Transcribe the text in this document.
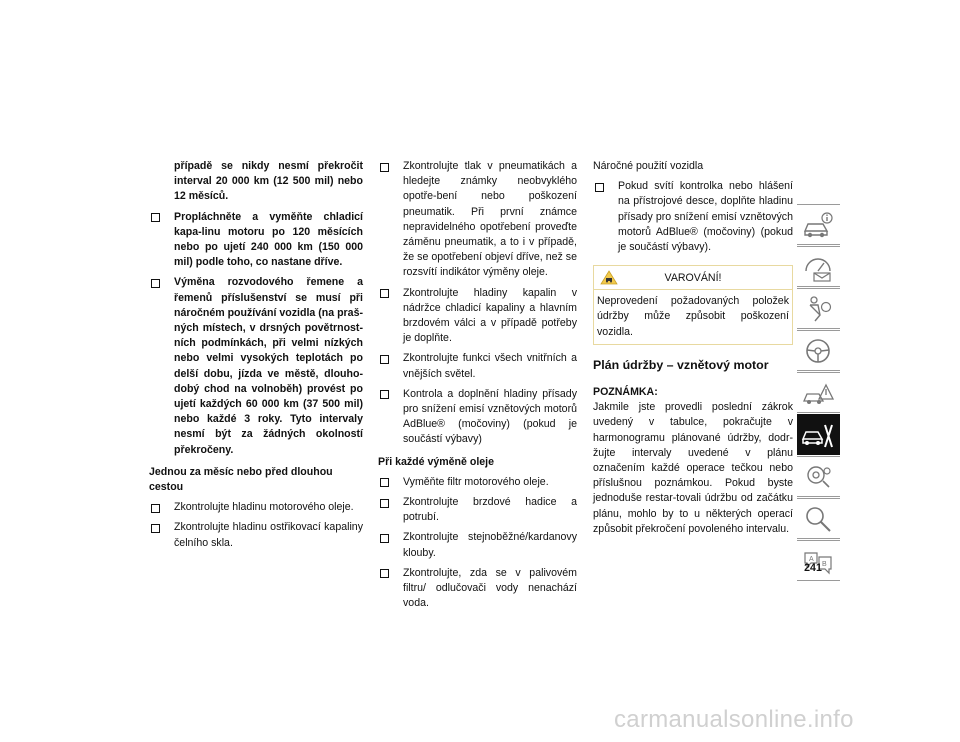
případě se nikdy nesmí překročit interval 20 000 km (12 500 mil) nebo 12 měsíců.

Propláchněte a vyměňte chladicí kapa-linu motoru po 120 měsících nebo po ujetí 240 000 km (150 000 mil) podle toho, co nastane dříve.

Výměna rozvodového řemene a řemenů příslušenství se musí při náročném používání vozidla (na praš-ných místech, v drsných povětrnost-ních podmínkách, při velmi nízkých nebo velmi vysokých teplotách po delší dobu, jízda ve městě, dlouho-dobý chod na volnoběh) provést po ujetí každých 60 000 km (37 500 mil) nebo každé 3 roky. Tyto intervaly nesmí být za žádných okolností překročeny.

Jednou za měsíc nebo před dlouhou cestou

Zkontrolujte hladinu motorového oleje.

Zkontrolujte hladinu ostřikovací kapaliny čelního skla.

Zkontrolujte tlak v pneumatikách a hledejte známky neobvyklého opotře-bení nebo poškození pneumatik. Při první známce nepravidelného opotřebení proveďte záměnu pneumatik, a to i v případě, že se opotřebení objeví dříve, než se rozsvítí indikátor výměny oleje.

Zkontrolujte hladiny kapalin v nádržce chladicí kapaliny a hlavním brzdovém válci a v případě potřeby je doplňte.

Zkontrolujte funkci všech vnitřních a vnějších světel.

Kontrola a doplnění hladiny přísady pro snížení emisí vznětových motorů AdBlue® (močoviny) (pokud je součástí výbavy)

Při každé výměně oleje

Vyměňte filtr motorového oleje.

Zkontrolujte brzdové hadice a potrubí.

Zkontrolujte stejnoběžné/kardanovy klouby.

Zkontrolujte, zda se v palivovém filtru/ odlučovači vody nenachází voda.

Náročné použití vozidla

Pokud svítí kontrolka nebo hlášení na přístrojové desce, doplňte hladinu přísady pro snížení emisí vznětových motorů AdBlue® (močoviny) (pokud je součástí výbavy).

VAROVÁNÍ!
Neprovedení požadovaných položek údržby může způsobit poškození vozidla.
Plán údržby – vznětový motor

POZNÁMKA:

Jakmile jste provedli poslední zákrok uvedený v tabulce, pokračujte v harmonogramu plánované údržby, dodr-žujte intervaly uvedené v plánu označením každé operace tečkou nebo příslušnou poznámkou. Pokud byste jednoduše restar-tovali údržbu od začátku plánu, mohlo by to u některých operací způsobit překročení povoleného intervalu.

A
B
241
carmanualsonline.info
